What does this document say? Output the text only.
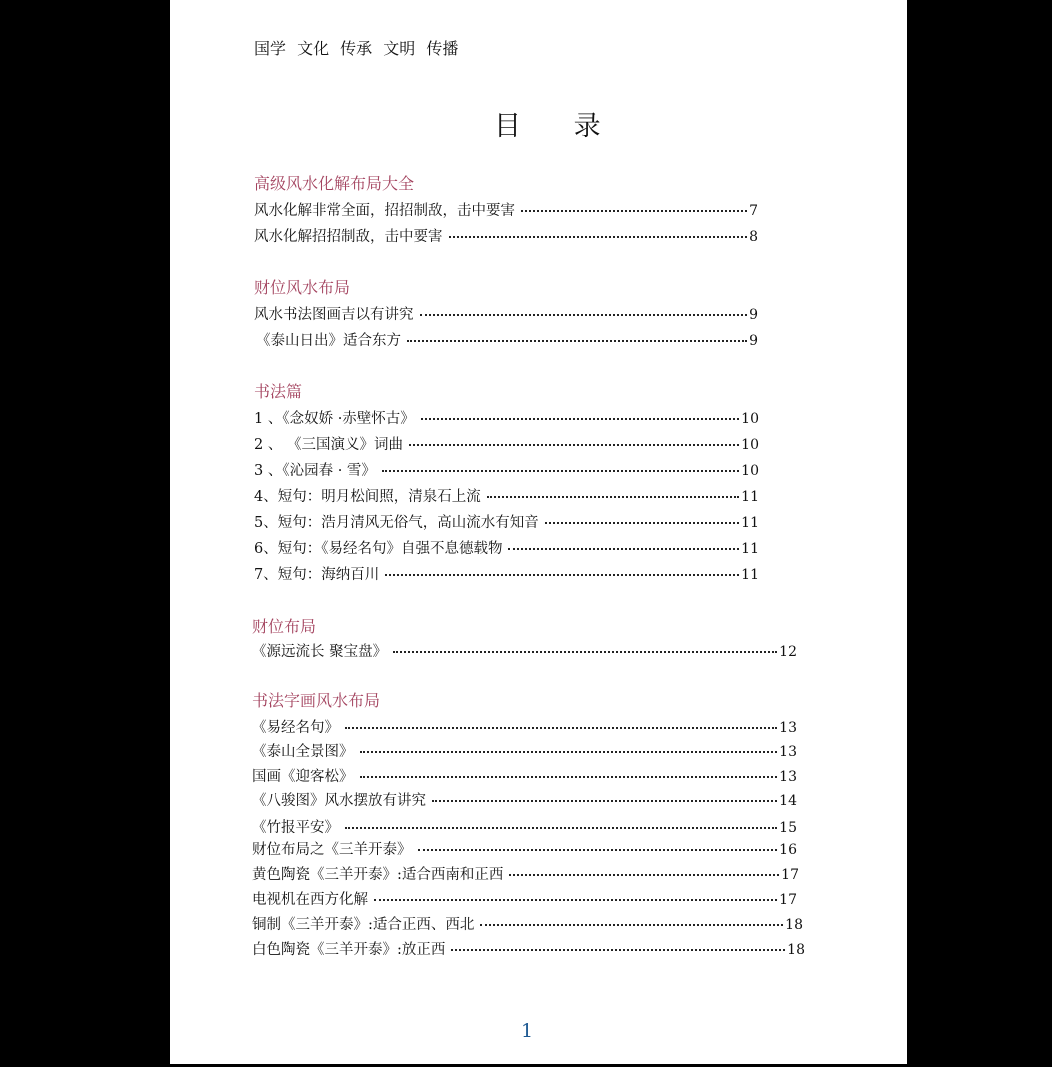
国学 文化 传承 文明 传播
目 录
高级风水化解布局大全
风水化解非常全面，招招制敌，击中要害	7
风水化解招招制敌，击中要害	8
财位风水布局
风水书法图画吉以有讲究	9
《泰山日出》适合东方	9
书法篇
1 、《念奴娇 ·赤壁怀古》	10
2 、 《三国演义》词曲	10
3 、《沁园春 · 雪》	10
4、短句：明月松间照，清泉石上流	11
5、短句：浩月清风无俗气，高山流水有知音	11
6、短句：《易经名句》自强不息德载物	11
7、短句：海纳百川	11
财位布局
《源远流长 聚宝盘》	12
书法字画风水布局
《易经名句》	13
《泰山全景图》	13
国画《迎客松》	13
《八骏图》风水摆放有讲究	14
《竹报平安》	15
财位布局之《三羊开泰》	16
黄色陶瓷《三羊开泰》:适合西南和正西	17
电视机在西方化解	17
铜制《三羊开泰》:适合正西、西北	18
白色陶瓷《三羊开泰》:放正西	18
1
